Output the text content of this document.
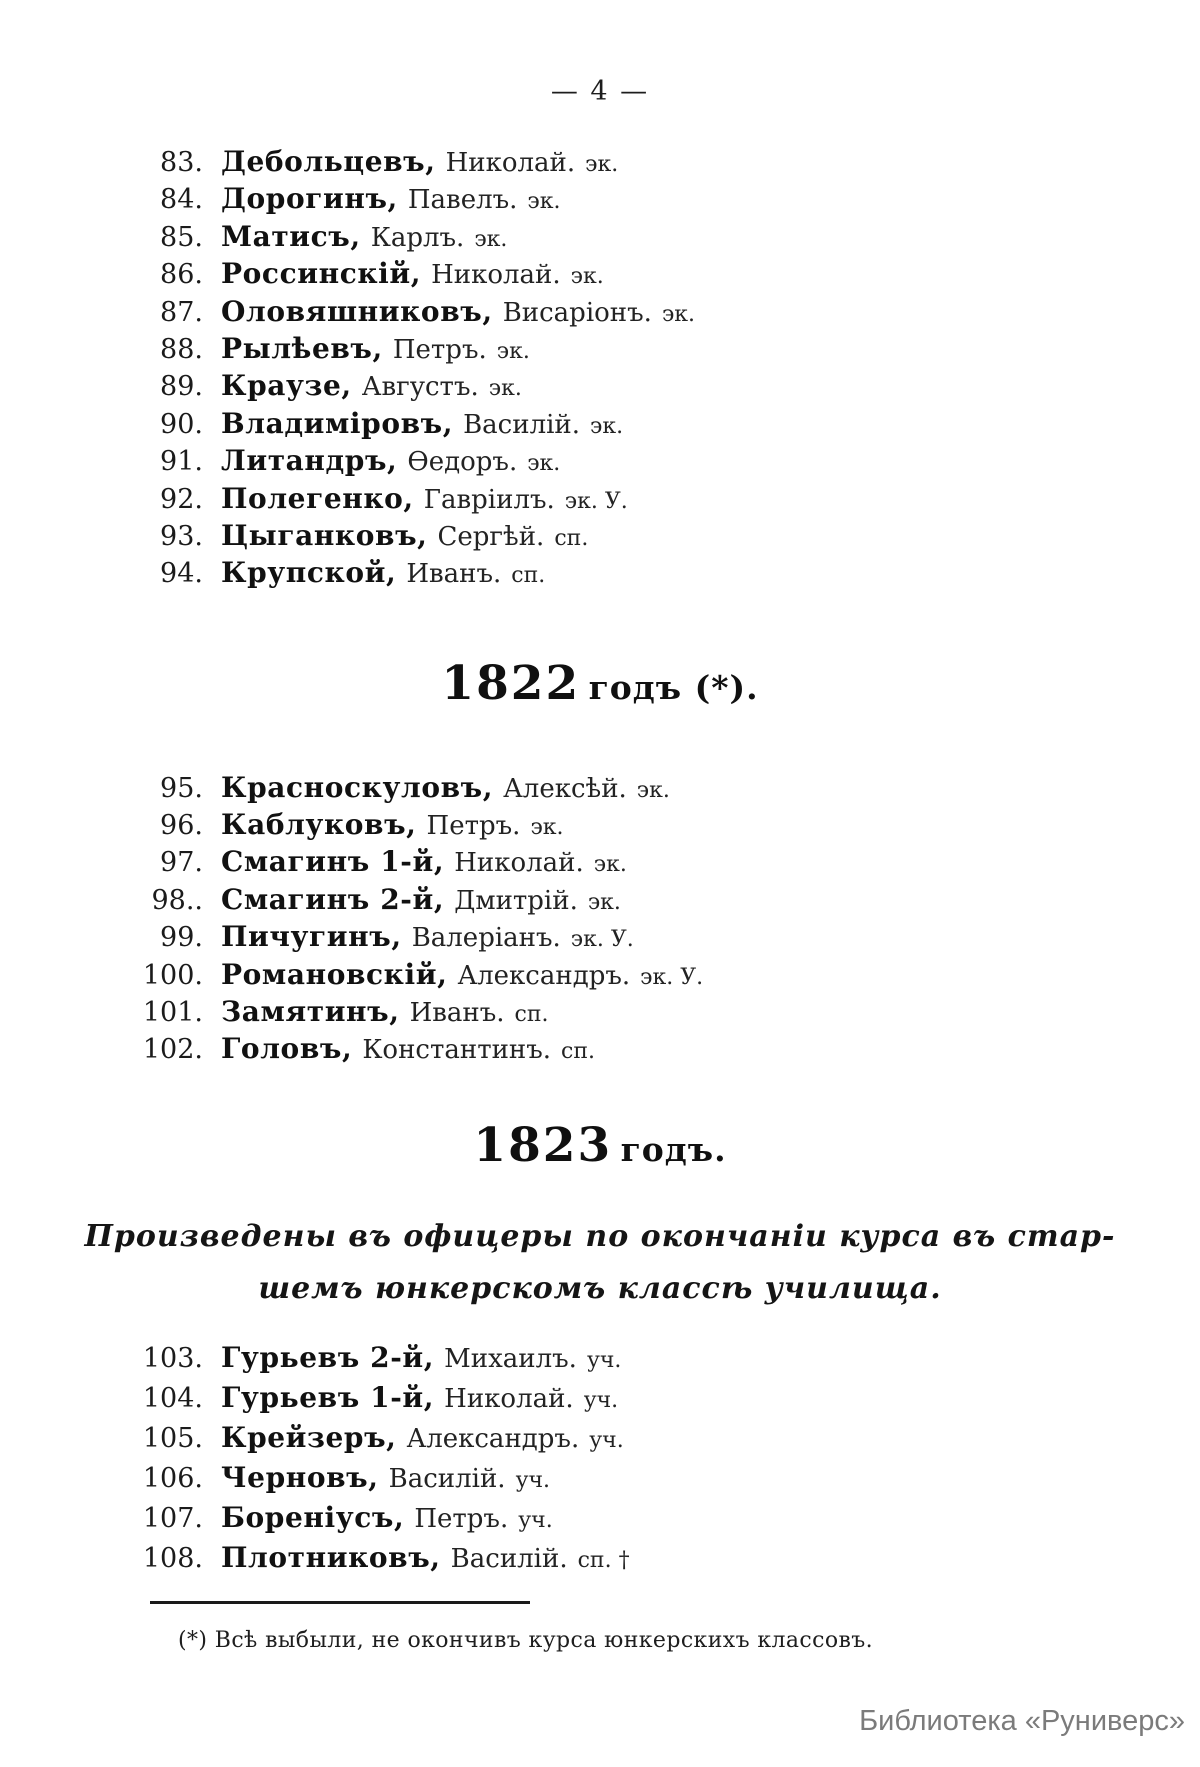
— 4 —
83. Дебольцевъ, Николай. эк.
84. Дорогинъ, Павелъ. эк.
85. Матисъ, Карлъ. эк.
86. Россинскій, Николай. эк.
87. Оловяшниковъ, Висаріонъ. эк.
88. Рылѣевъ, Петръ. эк.
89. Краузе, Августъ. эк.
90. Владиміровъ, Василій. эк.
91. Литандръ, Ѳедоръ. эк.
92. Полегенко, Гавріилъ. эк. У.
93. Цыганковъ, Сергѣй. сп.
94. Крупской, Иванъ. сп.
1822 годъ (*).
95. Красноскуловъ, Алексѣй. эк.
96. Каблуковъ, Петръ. эк.
97. Смагинъ 1-й, Николай. эк.
98.. Смагинъ 2-й, Дмитрій. эк.
99. Пичугинъ, Валеріанъ. эк. У.
100. Романовскій, Александръ. эк. У.
101. Замятинъ, Иванъ. сп.
102. Головъ, Константинъ. сп.
1823 годъ.
Произведены въ офицеры по окончаніи курса въ стар-
шемъ юнкерскомъ классѣ училища.
103. Гурьевъ 2-й, Михаилъ. уч.
104. Гурьевъ 1-й, Николай. уч.
105. Крейзеръ, Александръ. уч.
106. Черновъ, Василій. уч.
107. Бореніусъ, Петръ. уч.
108. Плотниковъ, Василій. сп. †
(*) Всѣ выбыли, не окончивъ курса юнкерскихъ классовъ.
Библиотека «Руниверс»
